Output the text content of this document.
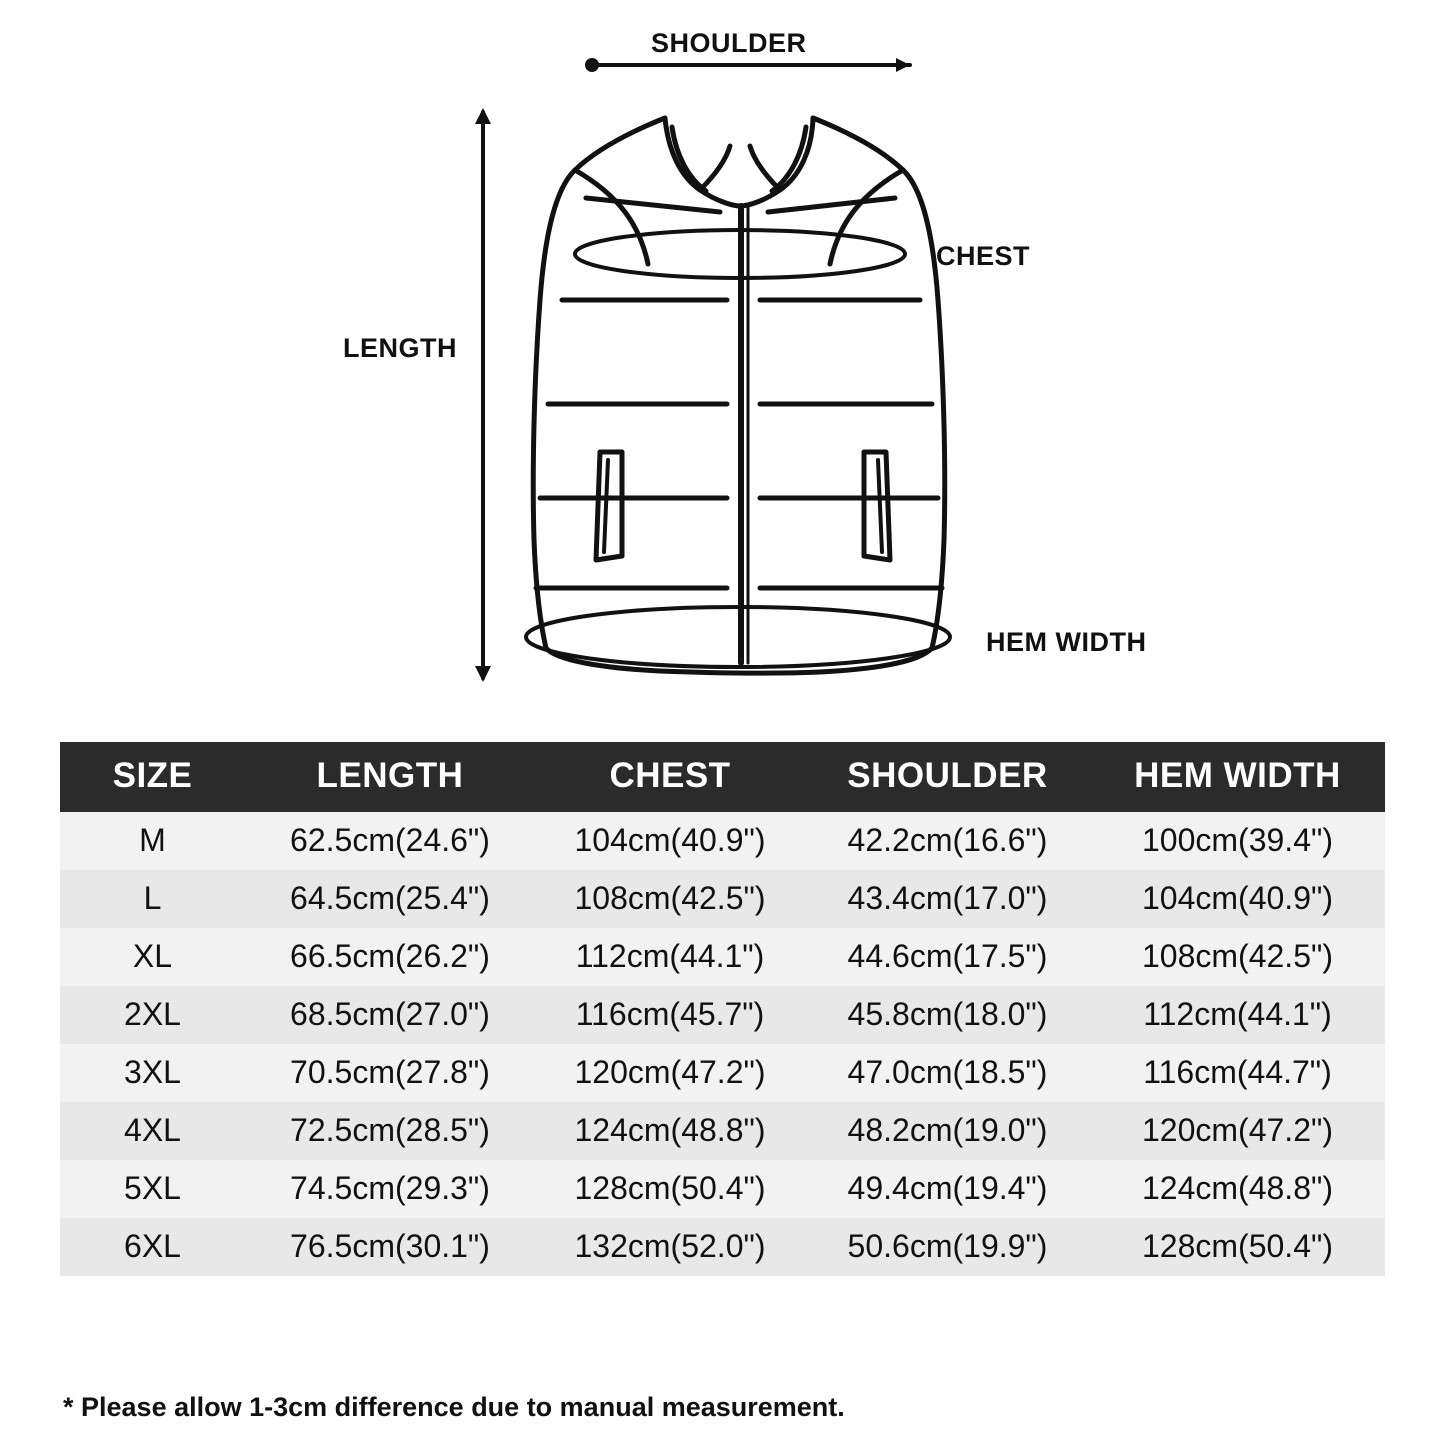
SHOULDER
CHEST
LENGTH
HEM WIDTH
SIZE	LENGTH	CHEST	SHOULDER	HEM WIDTH
M	62.5cm(24.6")	104cm(40.9")	42.2cm(16.6")	100cm(39.4")
L	64.5cm(25.4")	108cm(42.5")	43.4cm(17.0")	104cm(40.9")
XL	66.5cm(26.2")	112cm(44.1")	44.6cm(17.5")	108cm(42.5")
2XL	68.5cm(27.0")	116cm(45.7")	45.8cm(18.0")	112cm(44.1")
3XL	70.5cm(27.8")	120cm(47.2")	47.0cm(18.5")	116cm(44.7")
4XL	72.5cm(28.5")	124cm(48.8")	48.2cm(19.0")	120cm(47.2")
5XL	74.5cm(29.3")	128cm(50.4")	49.4cm(19.4")	124cm(48.8")
6XL	76.5cm(30.1")	132cm(52.0")	50.6cm(19.9")	128cm(50.4")
* Please allow 1-3cm difference due to manual measurement.
